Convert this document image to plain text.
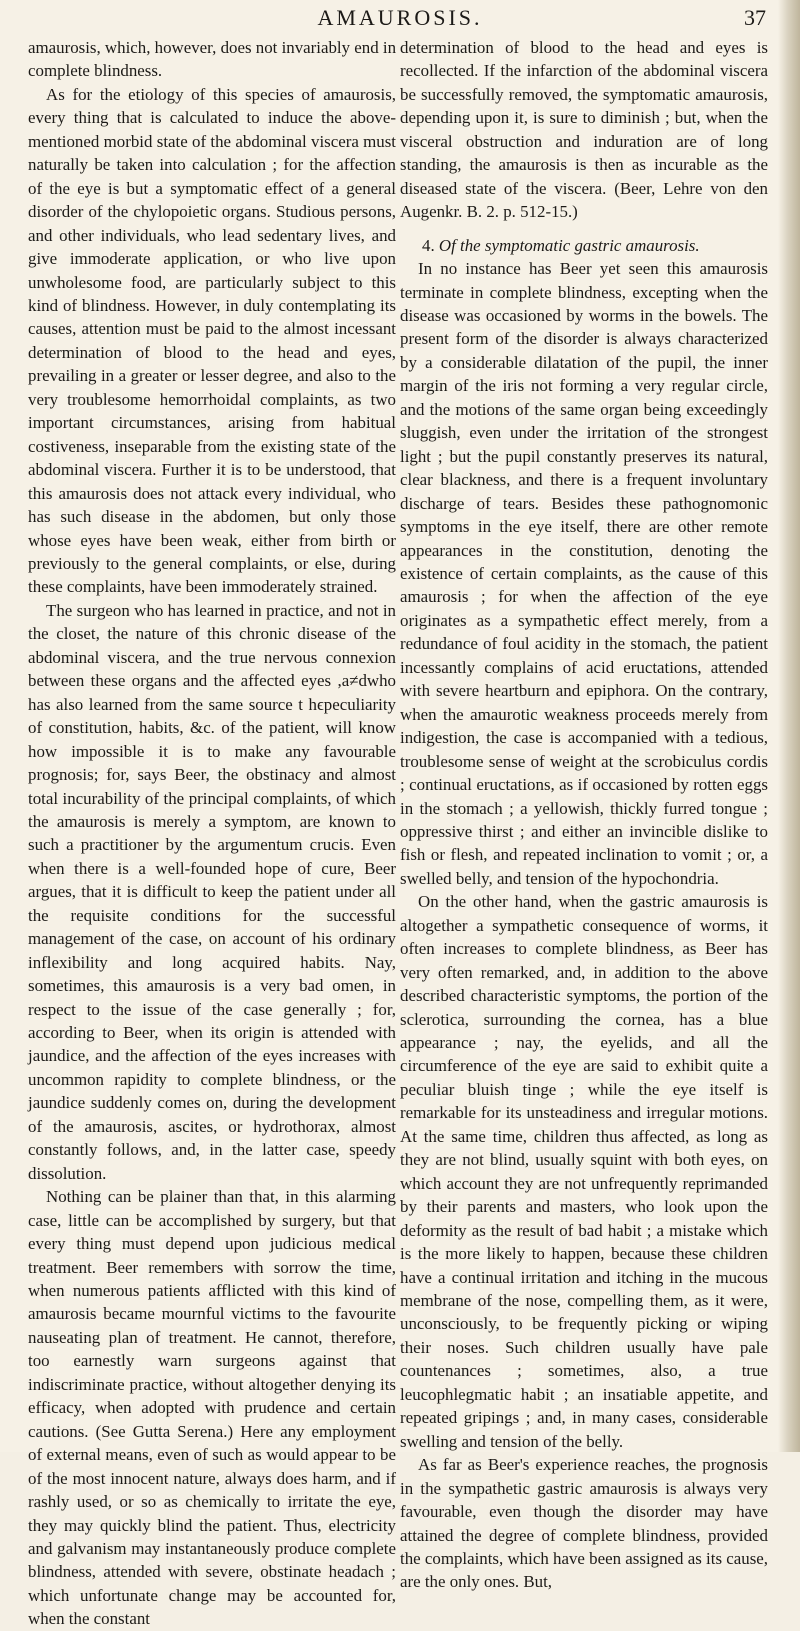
AMAUROSIS.	37

amaurosis, which, however, does not invariably end in complete blindness.

As for the etiology of this species of amaurosis, every thing that is calculated to induce the above-mentioned morbid state of the abdominal viscera must naturally be taken into calculation ; for the affection of the eye is but a symptomatic effect of a general disorder of the chylopoietic organs. Studious persons, and other individuals, who lead sedentary lives, and give immoderate application, or who live upon unwholesome food, are particularly subject to this kind of blindness. However, in duly contemplating its causes, attention must be paid to the almost incessant determination of blood to the head and eyes, prevailing in a greater or lesser degree, and also to the very troublesome hemorrhoidal complaints, as two important circumstances, arising from habitual costiveness, inseparable from the existing state of the abdominal viscera. Further it is to be understood, that this amaurosis does not attack every individual, who has such disease in the abdomen, but only those whose eyes have been weak, either from birth or previously to the general complaints, or else, during these complaints, have been immoderately strained.

The surgeon who has learned in practice, and not in the closet, the nature of this chronic disease of the abdominal viscera, and the true nervous connexion between these organs and the affected eyes ,a≠dwho has also learned from the same source t hϵpeculiarity of constitution, habits, &c. of the patient, will know how impossible it is to make any favourable prognosis; for, says Beer, the obstinacy and almost total incurability of the principal complaints, of which the amaurosis is merely a symptom, are known to such a practitioner by the argumentum crucis. Even when there is a well-founded hope of cure, Beer argues, that it is difficult to keep the patient under all the requisite conditions for the successful management of the case, on account of his ordinary inflexibility and long acquired habits. Nay, sometimes, this amaurosis is a very bad omen, in respect to the issue of the case generally ; for, according to Beer, when its origin is attended with jaundice, and the affection of the eyes increases with uncommon rapidity to complete blindness, or the jaundice suddenly comes on, during the development of the amaurosis, ascites, or hydrothorax, almost constantly follows, and, in the latter case, speedy dissolution.

Nothing can be plainer than that, in this alarming case, little can be accomplished by surgery, but that every thing must depend upon judicious medical treatment. Beer remembers with sorrow the time, when numerous patients afflicted with this kind of amaurosis became mournful victims to the favourite nauseating plan of treatment. He cannot, therefore, too earnestly warn surgeons against that indiscriminate practice, without altogether denying its efficacy, when adopted with prudence and certain cautions. (See Gutta Serena.) Here any employment of external means, even of such as would appear to be of the most innocent nature, always does harm, and if rashly used, or so as chemically to irritate the eye, they may quickly blind the patient. Thus, electricity and galvanism may instantaneously produce complete blindness, attended with severe, obstinate headach ; which unfortunate change may be accounted for, when the constant

determination of blood to the head and eyes is recollected. If the infarction of the abdominal viscera be successfully removed, the symptomatic amaurosis, depending upon it, is sure to diminish ; but, when the visceral obstruction and induration are of long standing, the amaurosis is then as incurable as the diseased state of the viscera. (Beer, Lehre von den Augenkr. B. 2. p. 512-15.)

4. Of the symptomatic gastric amaurosis.

In no instance has Beer yet seen this amaurosis terminate in complete blindness, excepting when the disease was occasioned by worms in the bowels. The present form of the disorder is always characterized by a considerable dilatation of the pupil, the inner margin of the iris not forming a very regular circle, and the motions of the same organ being exceedingly sluggish, even under the irritation of the strongest light ; but the pupil constantly preserves its natural, clear blackness, and there is a frequent involuntary discharge of tears. Besides these pathognomonic symptoms in the eye itself, there are other remote appearances in the constitution, denoting the existence of certain complaints, as the cause of this amaurosis ; for when the affection of the eye originates as a sympathetic effect merely, from a redundance of foul acidity in the stomach, the patient incessantly complains of acid eructations, attended with severe heartburn and epiphora. On the contrary, when the amaurotic weakness proceeds merely from indigestion, the case is accompanied with a tedious, troublesome sense of weight at the scrobiculus cordis ; continual eructations, as if occasioned by rotten eggs in the stomach ; a yellowish, thickly furred tongue ; oppressive thirst ; and either an invincible dislike to fish or flesh, and repeated inclination to vomit ; or, a swelled belly, and tension of the hypochondria.

On the other hand, when the gastric amaurosis is altogether a sympathetic consequence of worms, it often increases to complete blindness, as Beer has very often remarked, and, in addition to the above described characteristic symptoms, the portion of the sclerotica, surrounding the cornea, has a blue appearance ; nay, the eyelids, and all the circumference of the eye are said to exhibit quite a peculiar bluish tinge ; while the eye itself is remarkable for its unsteadiness and irregular motions. At the same time, children thus affected, as long as they are not blind, usually squint with both eyes, on which account they are not unfrequently reprimanded by their parents and masters, who look upon the deformity as the result of bad habit ; a mistake which is the more likely to happen, because these children have a continual irritation and itching in the mucous membrane of the nose, compelling them, as it were, unconsciously, to be frequently picking or wiping their noses. Such children usually have pale countenances ; sometimes, also, a true leucophlegmatic habit ; an insatiable appetite, and repeated gripings ; and, in many cases, considerable swelling and tension of the belly.

As far as Beer's experience reaches, the prognosis in the sympathetic gastric amaurosis is always very favourable, even though the disorder may have attained the degree of complete blindness, provided the complaints, which have been assigned as its cause, are the only ones. But,
